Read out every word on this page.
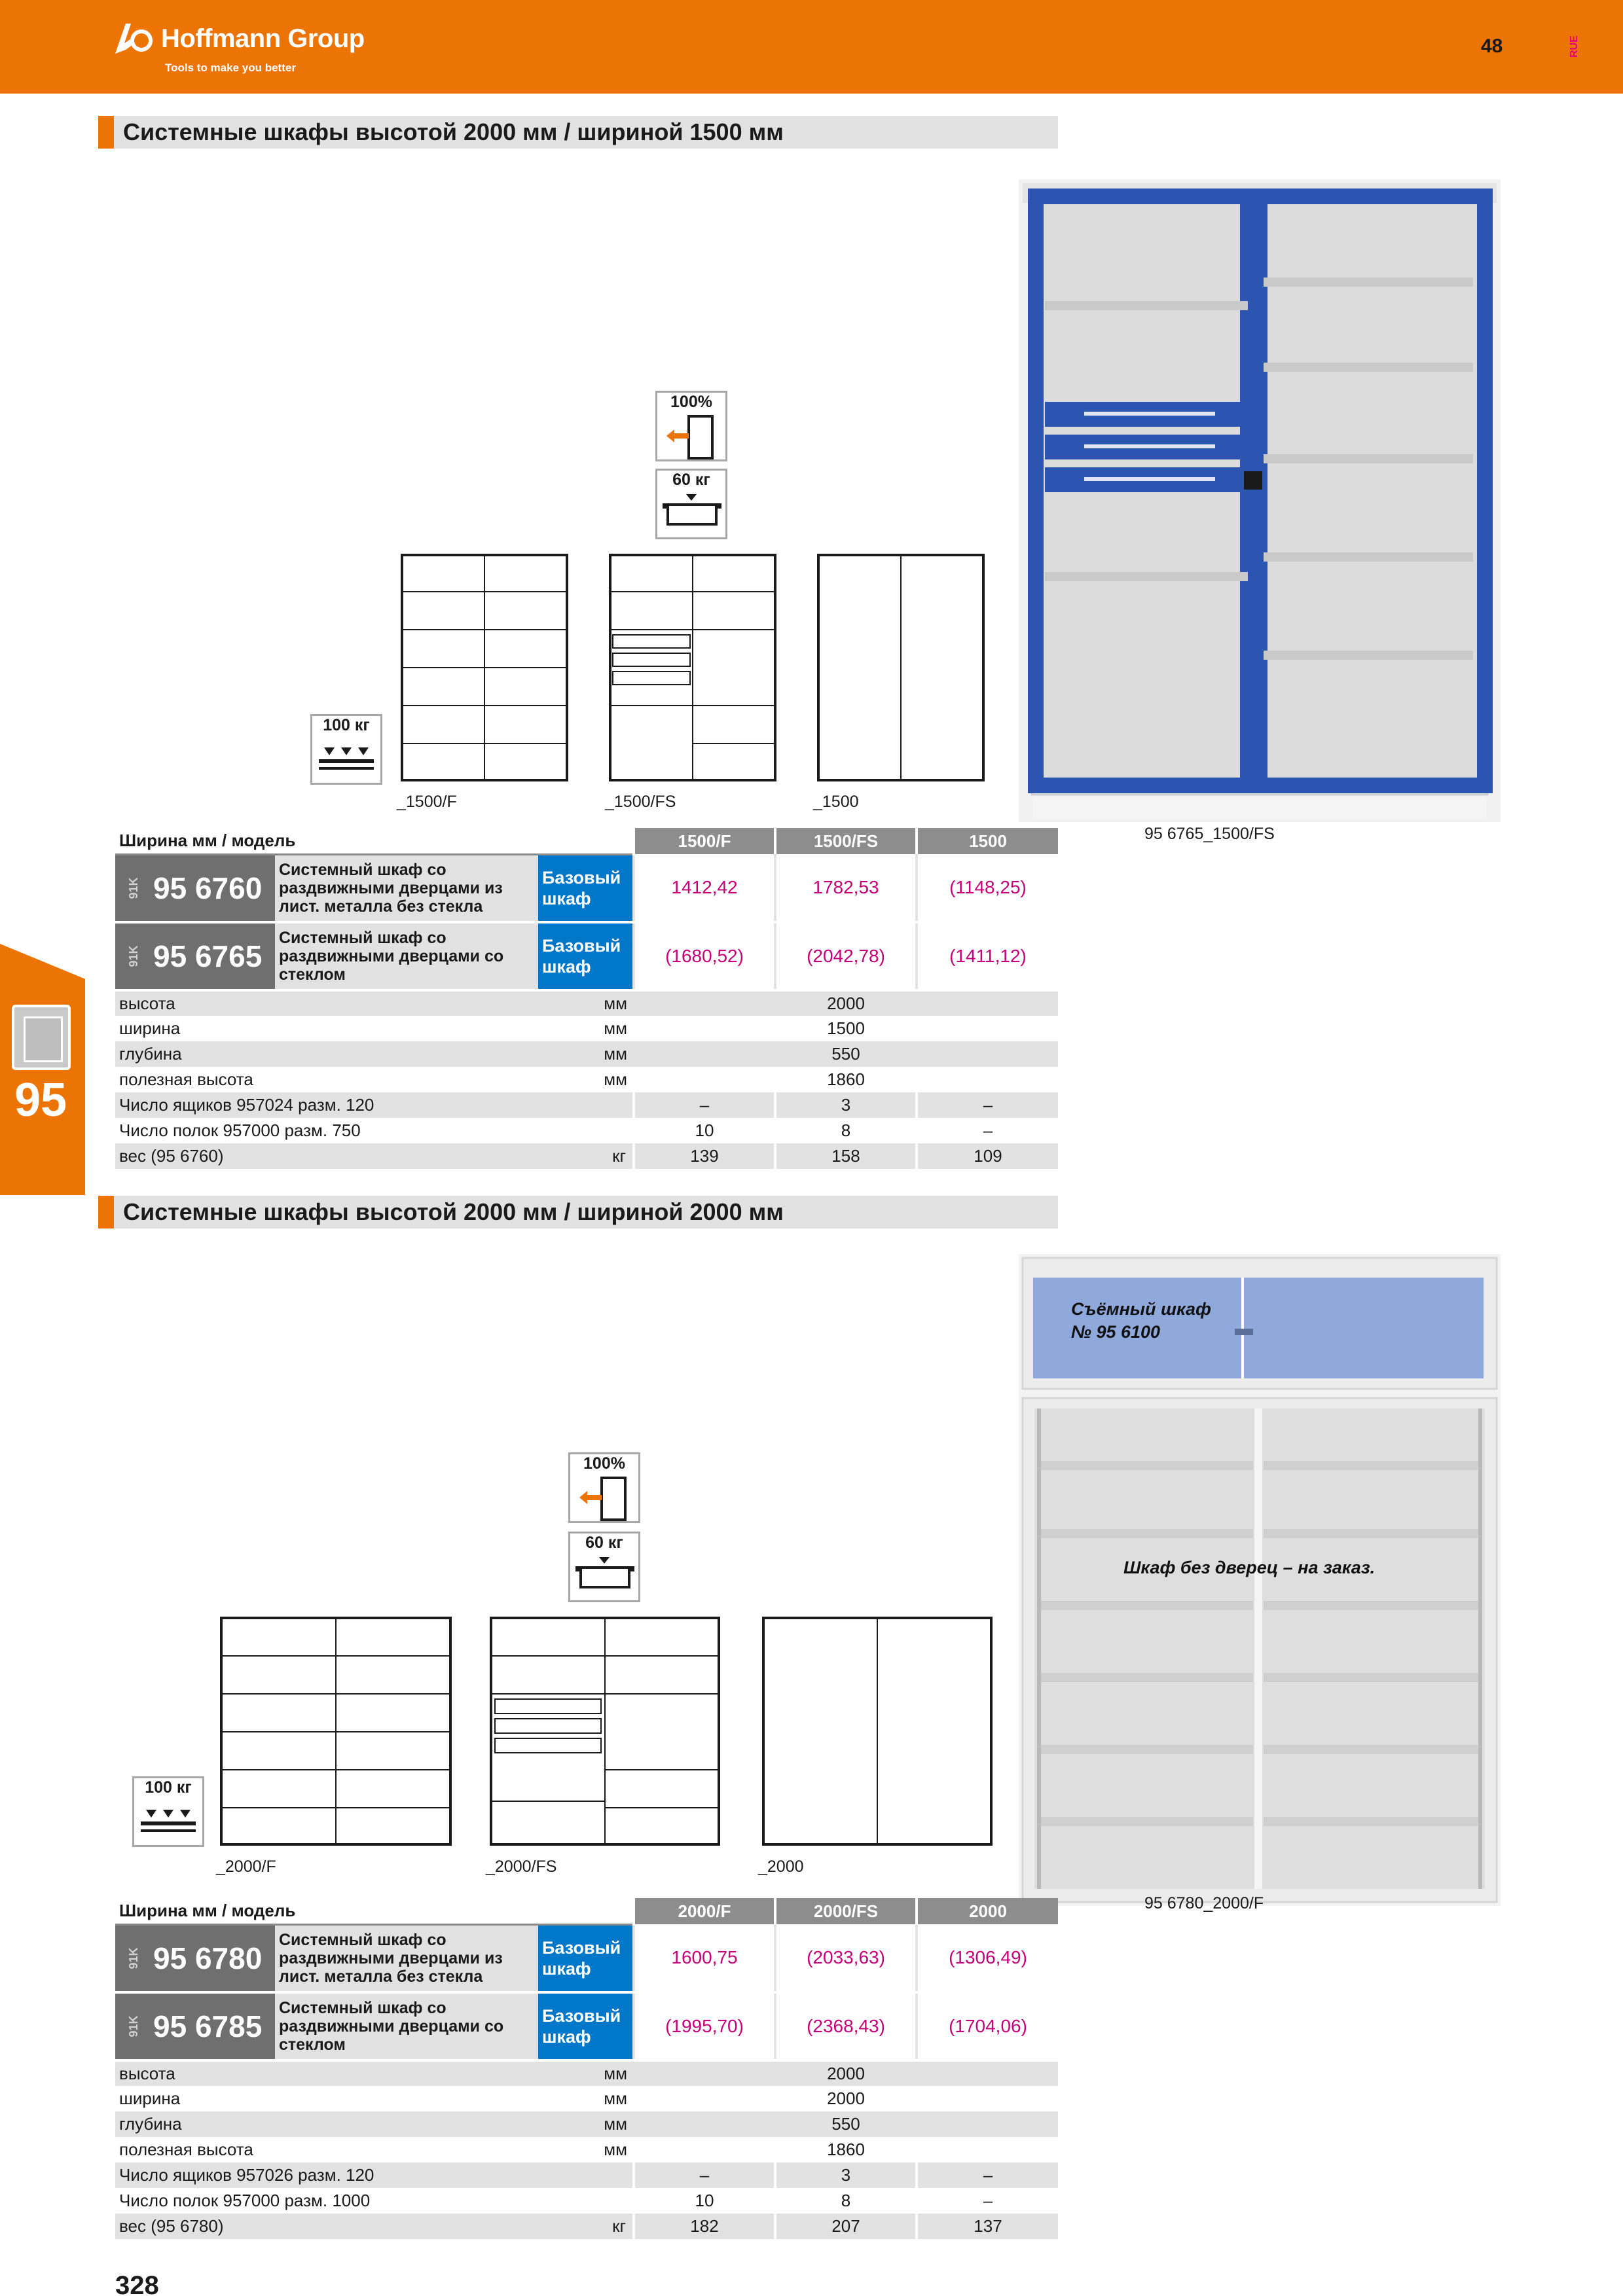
Hoffmann Group
Tools to make you better
48	RUE
95
Системные шкафы высотой 2000 мм / шириной 1500 мм
100%
60 кг
100 кг
_1500/F	_1500/FS	_1500
95 6765_1500/FS
Ширина мм / модель			1500/F	1500/FS	1500

91K 95 6760	Системный шкаф со раздвижными дверцами из лист. металла без стекла	Базовый шкаф	1412,42	1782,53	(1148,25)

91K 95 6765	Системный шкаф со раздвижными дверцами со стеклом	Базовый шкаф	(1680,52)	(2042,78)	(1411,12)
высота		мм	2000		
ширина		мм	1500		
глубина		мм	550		
полезная высота		мм	1860		
Число ящиков 957024 разм. 120			–	3	–
Число полок 957000 разм. 750			10	8	–
вес (95 6760)		кг	139	158	109
Системные шкафы высотой 2000 мм / шириной 2000 мм
100%
60 кг
100 кг
_2000/F	_2000/FS	_2000
Съёмный шкаф
№ 95 6100
Шкаф без дверец – на заказ.
95 6780_2000/F
Ширина мм / модель			2000/F	2000/FS	2000

91K 95 6780	Системный шкаф со раздвижными дверцами из лист. металла без стекла	Базовый шкаф	1600,75	(2033,63)	(1306,49)

91K 95 6785	Системный шкаф со раздвижными дверцами со стеклом	Базовый шкаф	(1995,70)	(2368,43)	(1704,06)
высота		мм	2000		
ширина		мм	2000		
глубина		мм	550		
полезная высота		мм	1860		
Число ящиков 957026 разм. 120			–	3	–
Число полок 957000 разм. 1000			10	8	–
вес (95 6780)		кг	182	207	137
328
